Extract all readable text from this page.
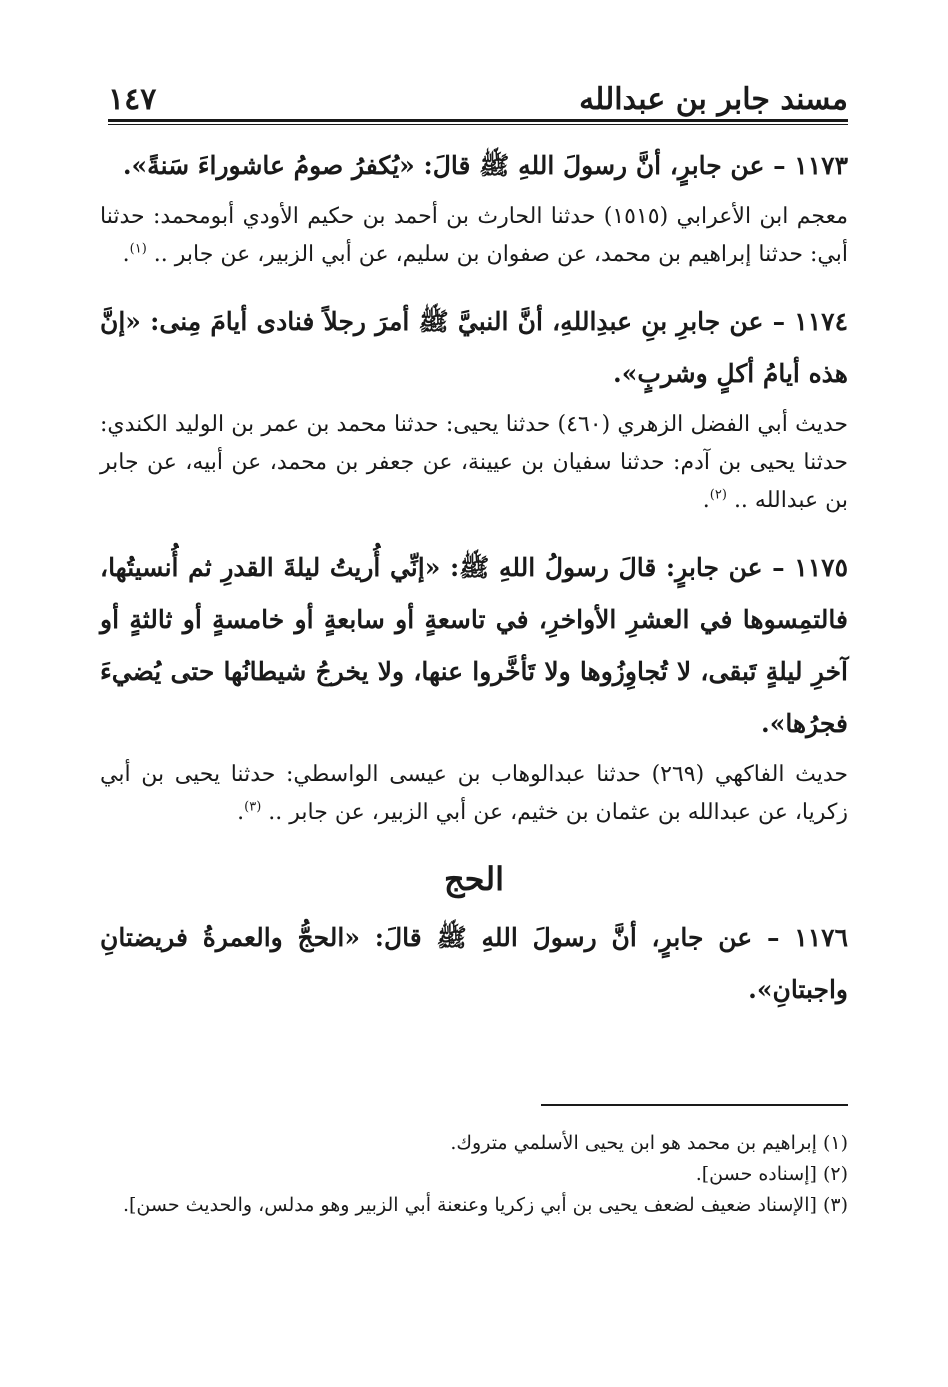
مسند جابر بن عبدالله
١٤٧

١١٧٣ – عن جابرٍ، أنَّ رسولَ اللهِ ﷺ قالَ: «يُكفرُ صومُ عاشوراءَ سَنةً».

معجم ابن الأعرابي (١٥١٥) حدثنا الحارث بن أحمد بن حكيم الأودي أبومحمد: حدثنا أبي: حدثنا إبراهيم بن محمد، عن صفوان بن سليم، عن أبي الزبير، عن جابر .. $^{(١)}$.

١١٧٤ – عن جابرِ بنِ عبدِاللهِ، أنَّ النبيَّ ﷺ أمرَ رجلاً فنادى أيامَ مِنى: «إنَّ هذه أيامُ أكلٍ وشربٍ».

حديث أبي الفضل الزهري (٤٦٠) حدثنا يحيى: حدثنا محمد بن عمر بن الوليد الكندي: حدثنا يحيى بن آدم: حدثنا سفيان بن عيينة، عن جعفر بن محمد، عن أبيه، عن جابر بن عبدالله .. $^{(٢)}$.

١١٧٥ – عن جابرٍ: قالَ رسولُ اللهِ ﷺ: «إنِّي أُريتُ ليلةَ القدرِ ثم أُنسيتُها، فالتمِسوها في العشرِ الأواخرِ، في تاسعةٍ أو سابعةٍ أو خامسةٍ أو ثالثةٍ أو آخرِ ليلةٍ تَبقى، لا تُجاوِزُوها ولا تَأخَّروا عنها، ولا يخرجُ شيطانُها حتى يُضيءَ فجرُها».

حديث الفاكهي (٢٦٩) حدثنا عبدالوهاب بن عيسى الواسطي: حدثنا يحيى بن أبي زكريا، عن عبدالله بن عثمان بن خثيم، عن أبي الزبير، عن جابر .. $^{(٣)}$.

الحج

١١٧٦ – عن جابرٍ، أنَّ رسولَ اللهِ ﷺ قالَ: «الحجُّ والعمرةُ فريضتانِ واجبتانِ».

(١) إبراهيم بن محمد هو ابن يحيى الأسلمي متروك.

(٢) [إسناده حسن].

(٣) [الإسناد ضعيف لضعف يحيى بن أبي زكريا وعنعنة أبي الزبير وهو مدلس، والحديث حسن].
